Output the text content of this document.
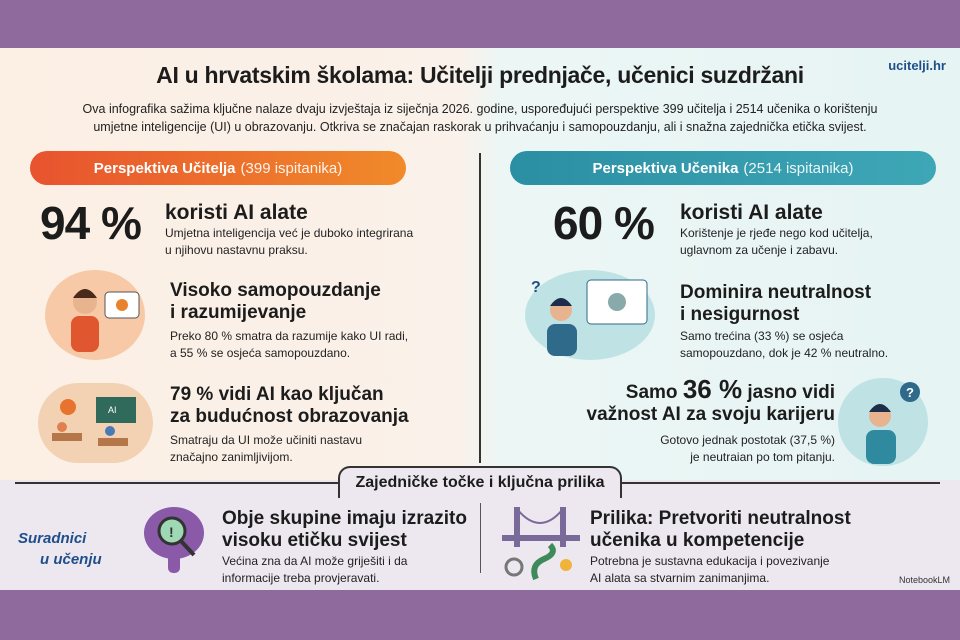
AI u hrvatskim školama: Učitelji prednjače, učenici suzdržani	ucitelji.hr
Ova infografika sažima ključne nalaze dvaju izvještaja iz siječnja 2026. godine, uspoređujući perspektive 399 učitelja i 2514 učenika o korištenju
umjetne inteligencije (UI) u obrazovanju. Otkriva se značajan raskorak u prihvaćanju i samopouzdanju, ali i snažna zajednička etička svijest.
Perspektiva Učitelja (399 ispitanika)	Perspektiva Učenika (2514 ispitanika)
94 % koristi AI alate
Umjetna inteligencija već je duboko integrirana
u njihovu nastavnu praksu.
Visoko samopouzdanje
i razumijevanje
Preko 80 % smatra da razumije kako UI radi,
a 55 % se osjeća samopouzdano.
AI
79 % vidi AI kao ključan
za budućnost obrazovanja
Smatraju da UI može učiniti nastavu
značajno zanimljivijom.
60 % koristi AI alate
Korištenje je rjeđe nego kod učitelja,
uglavnom za učenje i zabavu.
?	Dominira neutralnost
i nesigurnost
Samo trećina (33 %) se osjeća
samopouzdano, dok je 42 % neutralno.
Samo 36 % jasno vidi
važnost AI za svoju karijeru
Gotovo jednak postotak (37,5 %)
je neutraian po tom pitanju.
?
Zajedničke točke i ključna prilika
Suradnici
u učenju
!
Obje skupine imaju izrazito
visoku etičku svijest
Većina zna da AI može griješiti i da
informacije treba provjeravati.
Prilika: Pretvoriti neutralnost
učenika u kompetencije
Potrebna je sustavna edukacija i povezivanje
AI alata sa stvarnim zanimanjima.	NotebookLM
